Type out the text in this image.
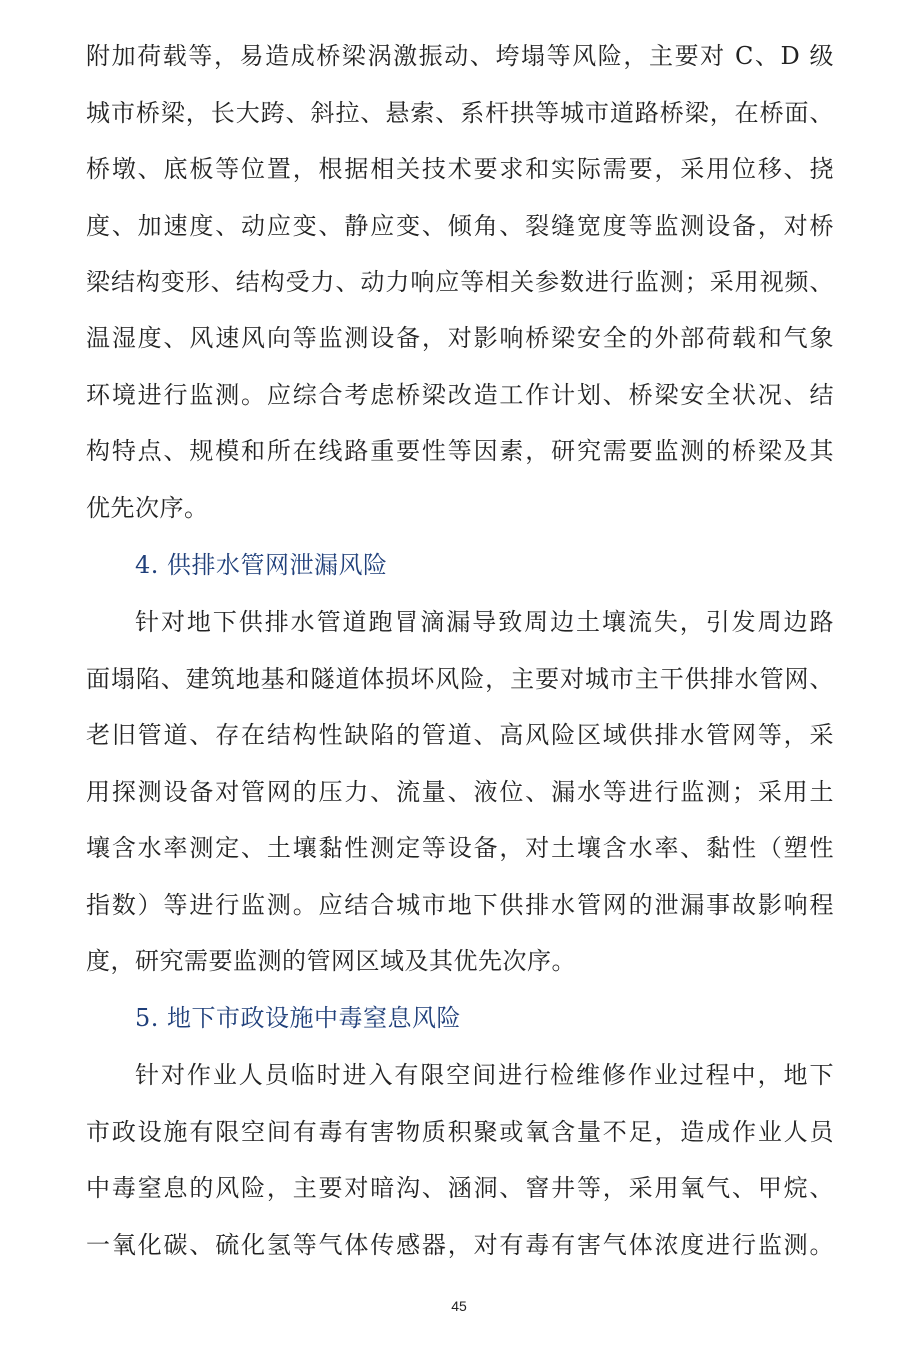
附加荷载等，易造成桥梁涡激振动、垮塌等风险，主要对 C、D 级
城市桥梁，长大跨、斜拉、悬索、系杆拱等城市道路桥梁，在桥面、
桥墩、底板等位置，根据相关技术要求和实际需要，采用位移、挠
度、加速度、动应变、静应变、倾角、裂缝宽度等监测设备，对桥
梁结构变形、结构受力、动力响应等相关参数进行监测；采用视频、
温湿度、风速风向等监测设备，对影响桥梁安全的外部荷载和气象
环境进行监测。应综合考虑桥梁改造工作计划、桥梁安全状况、结
构特点、规模和所在线路重要性等因素，研究需要监测的桥梁及其
优先次序。
4. 供排水管网泄漏风险
针对地下供排水管道跑冒滴漏导致周边土壤流失，引发周边路
面塌陷、建筑地基和隧道体损坏风险，主要对城市主干供排水管网、
老旧管道、存在结构性缺陷的管道、高风险区域供排水管网等，采
用探测设备对管网的压力、流量、液位、漏水等进行监测；采用土
壤含水率测定、土壤黏性测定等设备，对土壤含水率、黏性（塑性
指数）等进行监测。应结合城市地下供排水管网的泄漏事故影响程
度，研究需要监测的管网区域及其优先次序。
5. 地下市政设施中毒窒息风险
针对作业人员临时进入有限空间进行检维修作业过程中，地下
市政设施有限空间有毒有害物质积聚或氧含量不足，造成作业人员
中毒窒息的风险，主要对暗沟、涵洞、窨井等，采用氧气、甲烷、
一氧化碳、硫化氢等气体传感器，对有毒有害气体浓度进行监测。
45
